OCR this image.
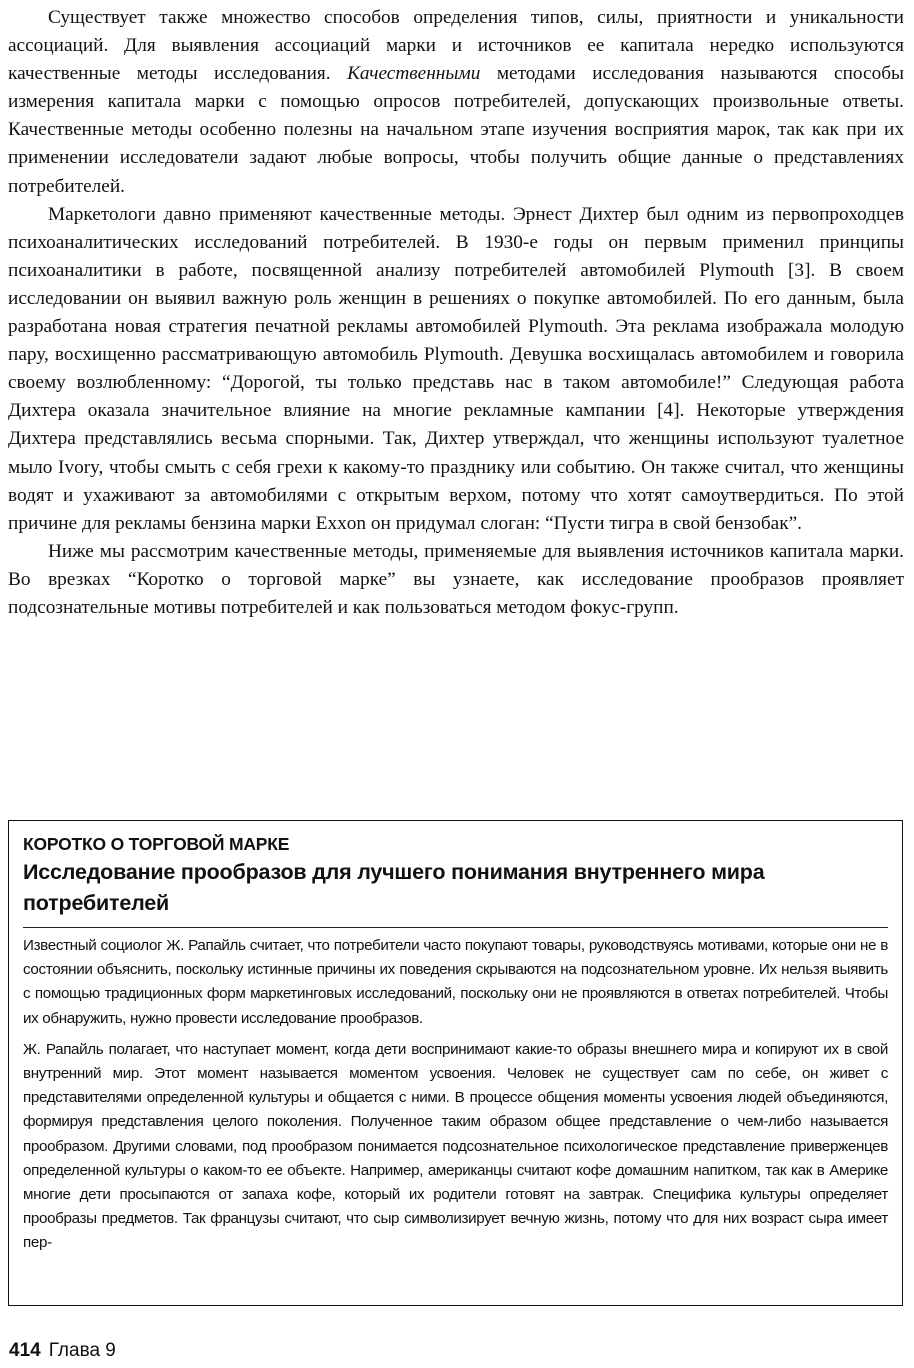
Существует также множество способов определения типов, силы, приятности и уникальности ассоциаций. Для выявления ассоциаций марки и источников ее капитала нередко используются качественные методы исследования. Качественными методами исследования называются способы измерения капитала марки с помощью опросов потребителей, допускающих произвольные ответы. Качественные методы особенно полезны на начальном этапе изучения восприятия марок, так как при их применении исследователи задают любые вопросы, чтобы получить общие данные о представлениях потребителей.

Маркетологи давно применяют качественные методы. Эрнест Дихтер был одним из первопроходцев психоаналитических исследований потребителей. В 1930-е годы он первым применил принципы психоаналитики в работе, посвященной анализу потребителей автомобилей Plymouth [3]. В своем исследовании он выявил важную роль женщин в решениях о покупке автомобилей. По его данным, была разработана новая стратегия печатной рекламы автомобилей Plymouth. Эта реклама изображала молодую пару, восхищенно рассматривающую автомобиль Plymouth. Девушка восхищалась автомобилем и говорила своему возлюбленному: “Дорогой, ты только представь нас в таком автомобиле!” Следующая работа Дихтера оказала значительное влияние на многие рекламные кампании [4]. Некоторые утверждения Дихтера представлялись весьма спорными. Так, Дихтер утверждал, что женщины используют туалетное мыло Ivory, чтобы смыть с себя грехи к какому-то празднику или событию. Он также считал, что женщины водят и ухаживают за автомобилями с открытым верхом, потому что хотят самоутвердиться. По этой причине для рекламы бензина марки Exxon он придумал слоган: “Пусти тигра в свой бензобак”.

Ниже мы рассмотрим качественные методы, применяемые для выявления источников капитала марки. Во врезках “Коротко о торговой марке” вы узнаете, как исследование прообразов проявляет подсознательные мотивы потребителей и как пользоваться методом фокус-групп.

КОРОТКО О ТОРГОВОЙ МАРКЕ
Исследование прообразов для лучшего понимания внутреннего мира потребителей

Известный социолог Ж. Рапайль считает, что потребители часто покупают товары, руководствуясь мотивами, которые они не в состоянии объяснить, поскольку истинные причины их поведения скрываются на подсознательном уровне. Их нельзя выявить с помощью традиционных форм маркетинговых исследований, поскольку они не проявляются в ответах потребителей. Чтобы их обнаружить, нужно провести исследование прообразов.

Ж. Рапайль полагает, что наступает момент, когда дети воспринимают какие-то образы внешнего мира и копируют их в свой внутренний мир. Этот момент называется моментом усвоения. Человек не существует сам по себе, он живет с представителями определенной культуры и общается с ними. В процессе общения моменты усвоения людей объединяются, формируя представления целого поколения. Полученное таким образом общее представление о чем-либо называется прообразом. Другими словами, под прообразом понимается подсознательное психологическое представление приверженцев определенной культуры о каком-то ее объекте. Например, американцы считают кофе домашним напитком, так как в Америке многие дети просыпаются от запаха кофе, который их родители готовят на завтрак. Специфика культуры определяет прообразы предметов. Так французы считают, что сыр символизирует вечную жизнь, потому что для них возраст сыра имеет пер-

414 Глава 9
